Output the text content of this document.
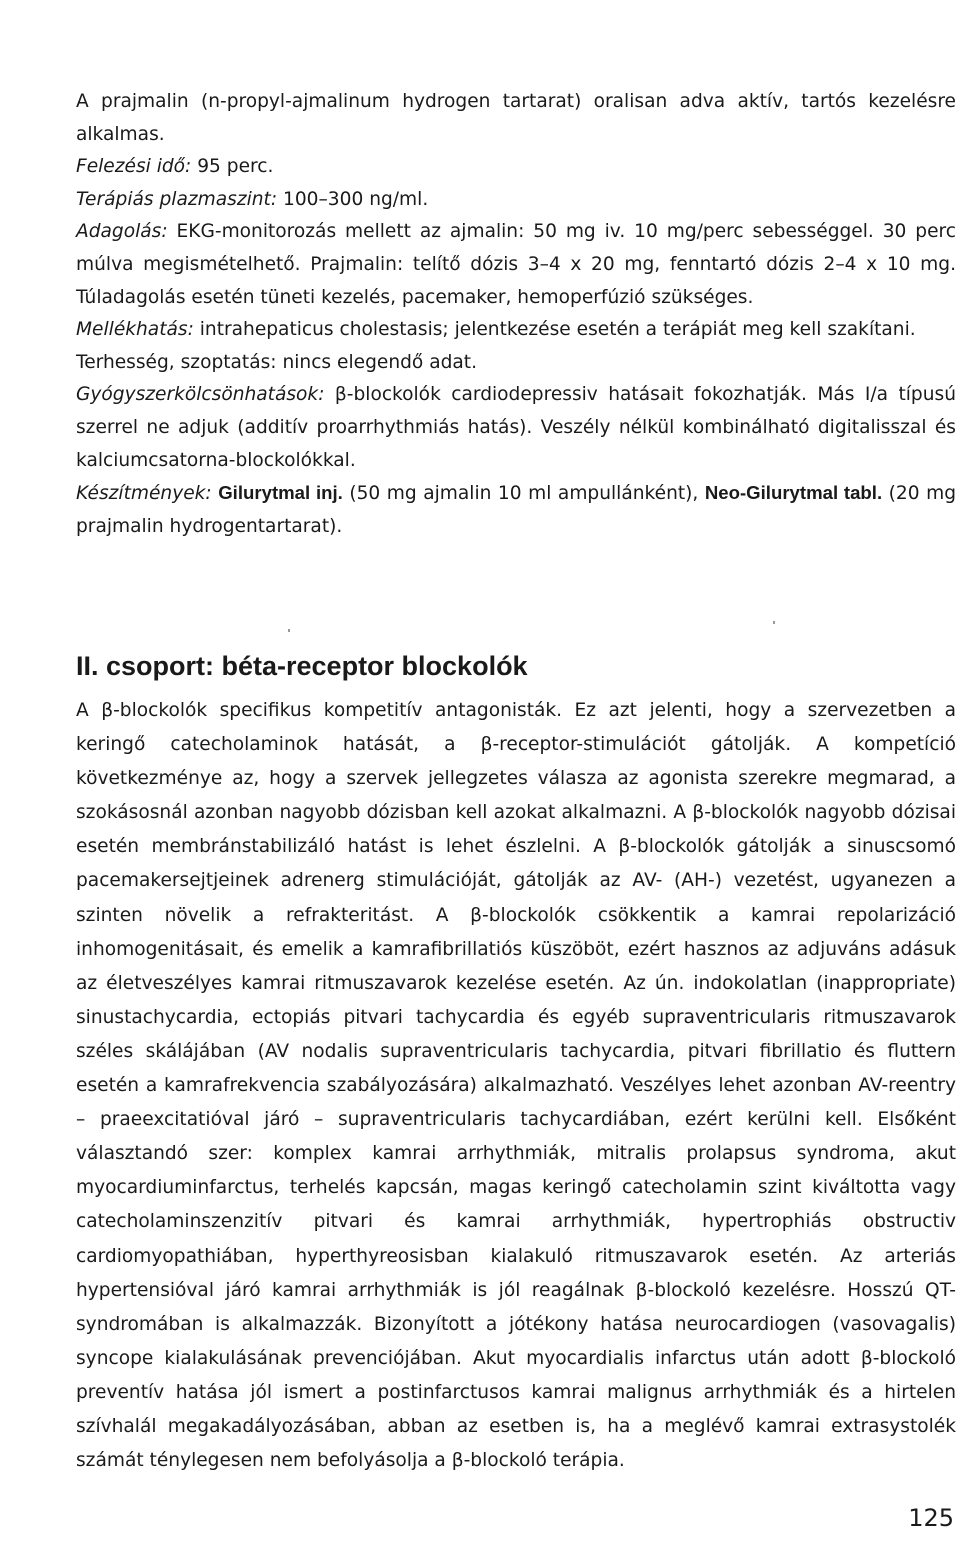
A prajmalin (n-propyl-ajmalinum hydrogen tartarat) oralisan adva aktív, tartós kezelésre alkalmas.

Felezési idő: 95 perc.

Terápiás plazmaszint: 100–300 ng/ml.

Adagolás: EKG-monitorozás mellett az ajmalin: 50 mg iv. 10 mg/perc sebességgel. 30 perc múlva megismételhető. Prajmalin: telítő dózis 3–4 x 20 mg, fenntartó dózis 2–4 x 10 mg. Túladagolás esetén tüneti kezelés, pacemaker, hemoperfúzió szükséges.

Mellékhatás: intrahepaticus cholestasis; jelentkezése esetén a terápiát meg kell szakítani.

Terhesség, szoptatás: nincs elegendő adat.

Gyógyszerkölcsönhatások: β-blockolók cardiodepressiv hatásait fokozhatják. Más I/a típusú szerrel ne adjuk (additív proarrhythmiás hatás). Veszély nélkül kombinálható digitalisszal és kalciumcsatorna-blockolókkal.

Készítmények: Gilurytmal inj. (50 mg ajmalin 10 ml ampullánként), Neo-Gilurytmal tabl. (20 mg prajmalin hydrogentartarat).

II. csoport: béta-receptor blockolók

A β-blockolók specifikus kompetitív antagonisták. Ez azt jelenti, hogy a szervezetben a keringő catecholaminok hatását, a β-receptor-stimulációt gátolják. A kompetíció következménye az, hogy a szervek jellegzetes válasza az agonista szerekre megmarad, a szokásosnál azonban nagyobb dózisban kell azokat alkalmazni. A β-blockolók nagyobb dózisai esetén membránstabilizáló hatást is lehet észlelni. A β-blockolók gátolják a sinuscsomó pacemakersejtjeinek adrenerg stimulációját, gátolják az AV- (AH-) vezetést, ugyanezen a szinten növelik a refrakteritást. A β-blockolók csökkentik a kamrai repolarizáció inhomogenitásait, és emelik a kamrafibrillatiós küszöböt, ezért hasznos az adjuváns adásuk az életveszélyes kamrai ritmuszavarok kezelése esetén. Az ún. indokolatlan (inappropriate) sinustachycardia, ectopiás pitvari tachycardia és egyéb supraventricularis ritmuszavarok széles skálájában (AV nodalis supraventricularis tachycardia, pitvari fibrillatio és fluttern esetén a kamrafrekvencia szabályozására) alkalmazható. Veszélyes lehet azonban AV-reentry – praeexcitatióval járó – supraventricularis tachycardiában, ezért kerülni kell. Elsőként választandó szer: komplex kamrai arrhythmiák, mitralis prolapsus syndroma, akut myocardiuminfarctus, terhelés kapcsán, magas keringő catecholamin szint kiváltotta vagy catecholaminszenzitív pitvari és kamrai arrhythmiák, hypertrophiás obstructiv cardiomyopathiában, hyperthyreosisban kialakuló ritmuszavarok esetén. Az arteriás hypertensióval járó kamrai arrhythmiák is jól reagálnak β-blockoló kezelésre. Hosszú QT-syndromában is alkalmazzák. Bizonyított a jótékony hatása neurocardiogen (vasovagalis) syncope kialakulásának prevenciójában. Akut myocardialis infarctus után adott β-blockoló preventív hatása jól ismert a postinfarctusos kamrai malignus arrhythmiák és a hirtelen szívhalál megakadályozásában, abban az esetben is, ha a meglévő kamrai extrasystolék számát ténylegesen nem befolyásolja a β-blockoló terápia.

125
